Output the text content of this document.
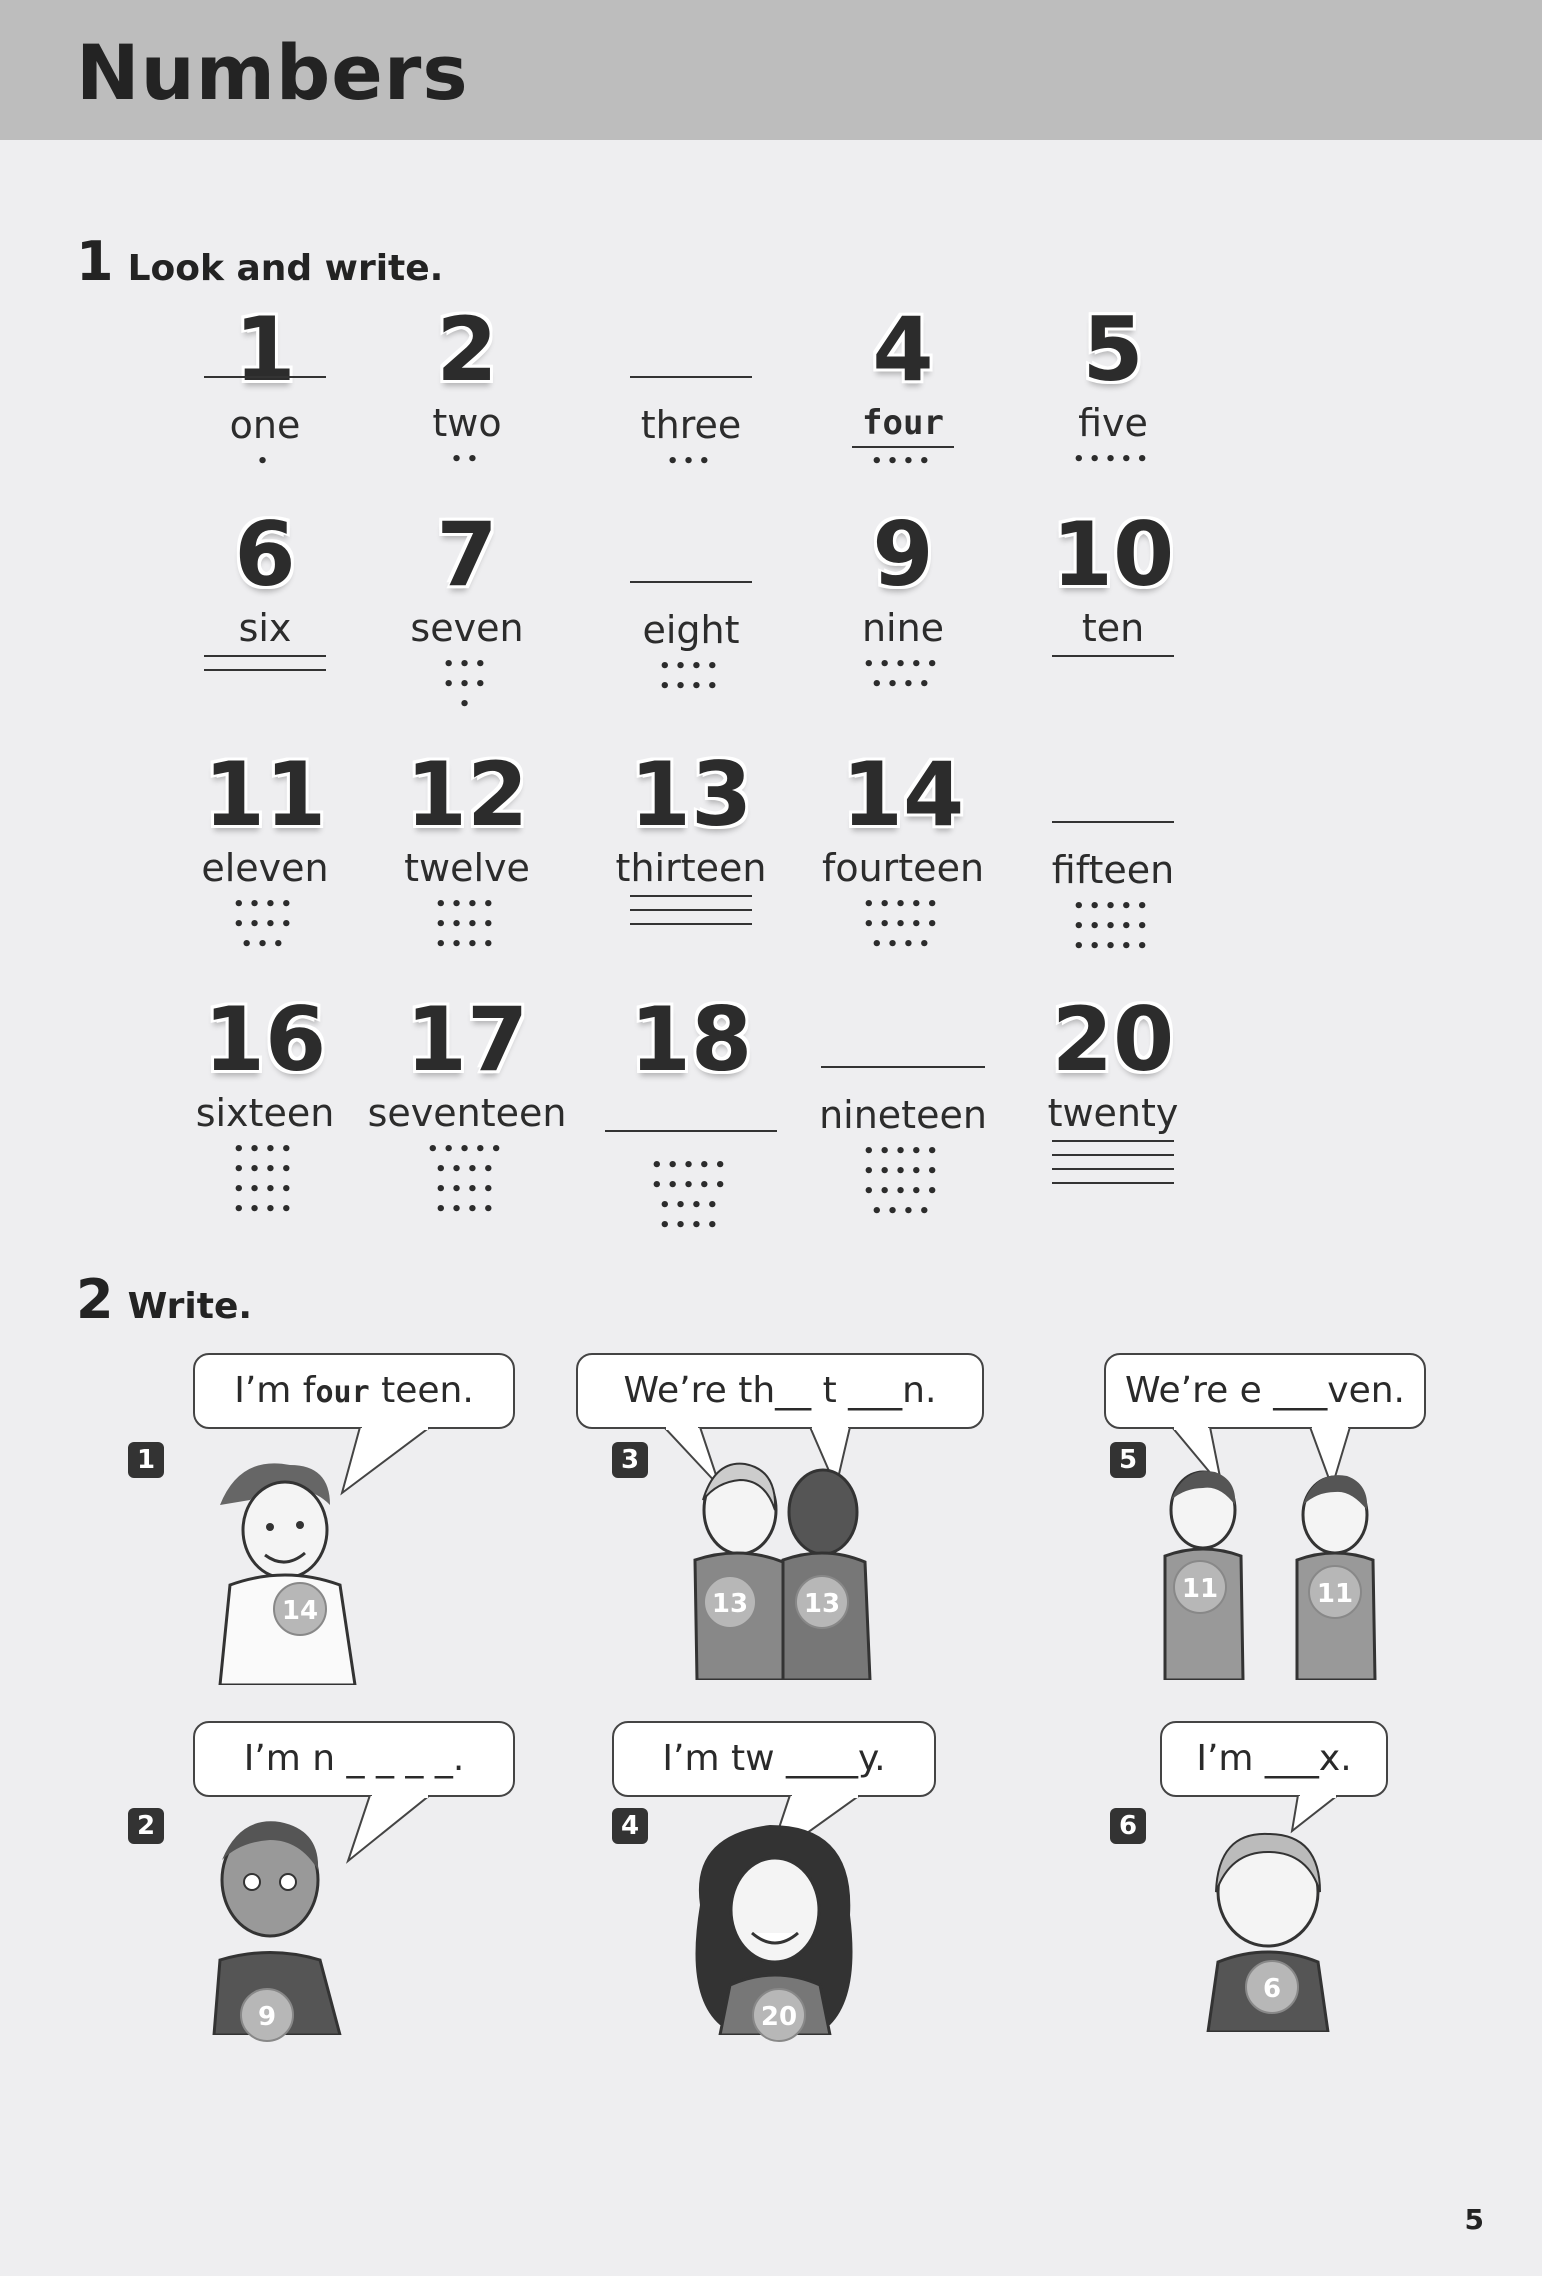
Numbers
1 Look and write.
1
one
•
2
two
••
three
•••
4
four
••••
5
five
•••••
6
six
7
seven
•••
•••
•
eight
••••
••••
9
nine
•••••
••••
10
ten
11
eleven
••••
••••
•••
12
twelve
••••
••••
••••
13
thirteen
14
fourteen
•••••
•••••
••••
fifteen
•••••
•••••
•••••
16
sixteen
••••
••••
••••
••••
17
seventeen
•••••
••••
••••
••••
18
•••••
•••••
••••
••••
nineteen
•••••
•••••
•••••
••••
20
twenty
2 Write.
I’m four teen.
1
14
We’re th__ t ___n.
3
13	13
We’re e ___ven.
5
11	11
I’m n _ _ _ _.
2
9
I’m tw ____y.
4
20
I’m ___x.
6
6
5
